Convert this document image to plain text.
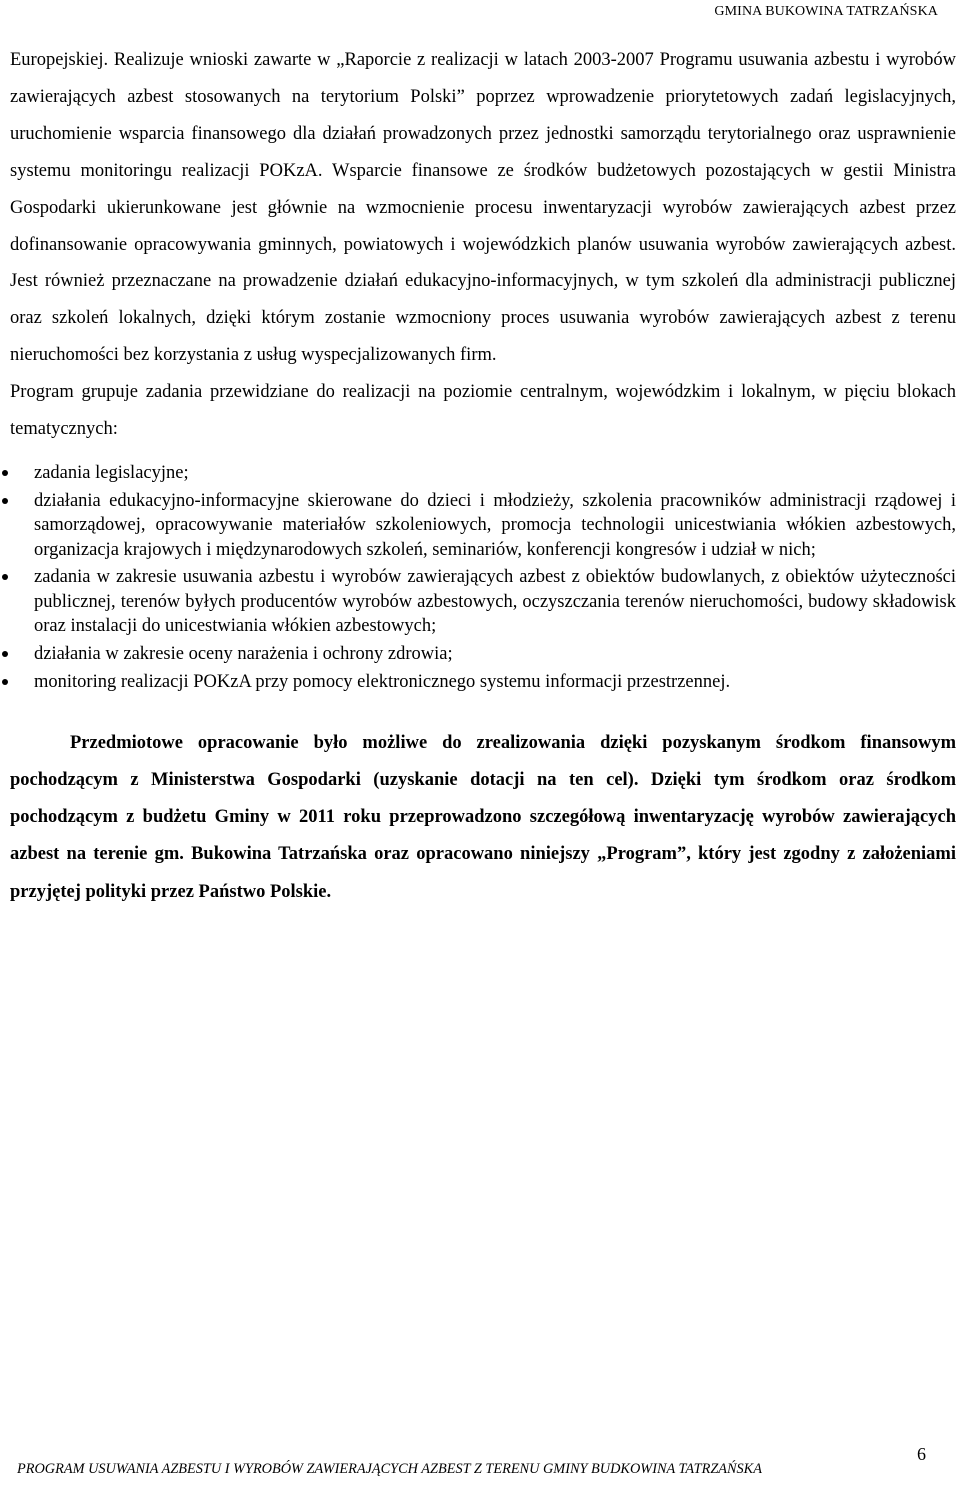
GMINA BUKOWINA TATRZAŃSKA

Europejskiej. Realizuje wnioski zawarte w „Raporcie z realizacji w latach 2003-2007 Programu usuwania azbestu i wyrobów zawierających azbest stosowanych na terytorium Polski” poprzez wprowadzenie priorytetowych zadań legislacyjnych, uruchomienie wsparcia finansowego dla działań prowadzonych przez jednostki samorządu terytorialnego oraz usprawnienie systemu monitoringu realizacji POKzA. Wsparcie finansowe ze środków budżetowych pozostających w gestii Ministra Gospodarki ukierunkowane jest głównie na wzmocnienie procesu inwentaryzacji wyrobów zawierających azbest przez dofinansowanie opracowywania gminnych, powiatowych i wojewódzkich planów usuwania wyrobów zawierających azbest. Jest również przeznaczane na prowadzenie działań edukacyjno-informacyjnych, w tym szkoleń dla administracji publicznej oraz szkoleń lokalnych, dzięki którym zostanie wzmocniony proces usuwania wyrobów zawierających azbest z terenu nieruchomości bez korzystania z usług wyspecjalizowanych firm.

Program grupuje zadania przewidziane do realizacji na poziomie centralnym, wojewódzkim i lokalnym, w pięciu blokach tematycznych:

zadania legislacyjne;
działania edukacyjno-informacyjne skierowane do dzieci i młodzieży, szkolenia pracowników administracji rządowej i samorządowej, opracowywanie materiałów szkoleniowych, promocja technologii unicestwiania włókien azbestowych, organizacja krajowych i międzynarodowych szkoleń, seminariów, konferencji kongresów i udział w nich;
zadania w zakresie usuwania azbestu i wyrobów zawierających azbest z obiektów budowlanych, z obiektów użyteczności publicznej, terenów byłych producentów wyrobów azbestowych, oczyszczania terenów nieruchomości, budowy składowisk oraz instalacji do unicestwiania włókien azbestowych;
działania w zakresie oceny narażenia i ochrony zdrowia;
monitoring realizacji POKzA przy pomocy elektronicznego systemu informacji przestrzennej.

Przedmiotowe opracowanie było możliwe do zrealizowania dzięki pozyskanym środkom finansowym pochodzącym z Ministerstwa Gospodarki (uzyskanie dotacji na ten cel). Dzięki tym środkom oraz środkom pochodzącym z budżetu Gminy w 2011 roku przeprowadzono szczegółową inwentaryzację wyrobów zawierających azbest na terenie gm. Bukowina Tatrzańska oraz opracowano niniejszy „Program”, który jest zgodny z założeniami przyjętej polityki przez Państwo Polskie.

PROGRAM USUWANIA AZBESTU I WYROBÓW ZAWIERAJĄCYCH AZBEST Z TERENU GMINY BUDKOWINA TATRZAŃSKA
6
